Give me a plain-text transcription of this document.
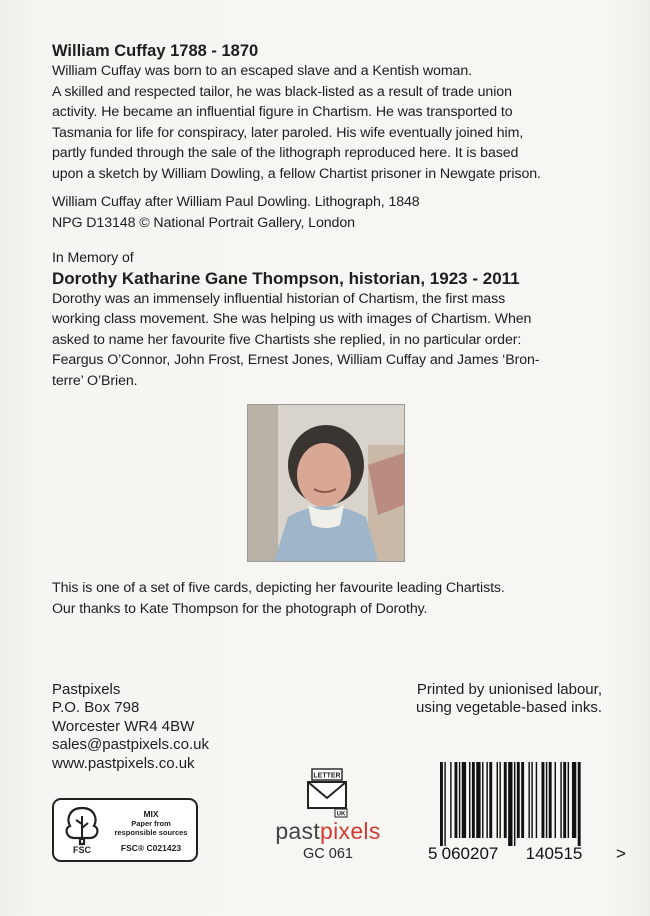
William Cuffay 1788 - 1870
William Cuffay was born to an escaped slave and a Kentish woman.
A skilled and respected tailor, he was black-listed as a result of trade union
activity. He became an influential figure in Chartism. He was transported to
Tasmania for life for conspiracy, later paroled. His wife eventually joined him,
partly funded through the sale of the lithograph reproduced here. It is based
upon a sketch by William Dowling, a fellow Chartist prisoner in Newgate prison.
William Cuffay after William Paul Dowling. Lithograph, 1848
NPG D13148 © National Portrait Gallery, London
In Memory of
Dorothy Katharine Gane Thompson, historian, 1923 - 2011
Dorothy was an immensely influential historian of Chartism, the first mass
working class movement. She was helping us with images of Chartism. When
asked to name her favourite five Chartists she replied, in no particular order:
Feargus O’Connor, John Frost, Ernest Jones, William Cuffay and James ‘Bron-
terre’ O’Brien.
This is one of a set of five cards, depicting her favourite leading Chartists.
Our thanks to Kate Thompson for the photograph of Dorothy.
Pastpixels
P.O. Box 798
Worcester WR4 4BW
sales@pastpixels.co.uk
www.pastpixels.co.uk
Printed by unionised labour,
using vegetable-based inks.
FSC
MIX
Paper from
responsible sources
FSC® C021423
LETTER
UK
pastpixels
GC 061	5 060207 140515 >
